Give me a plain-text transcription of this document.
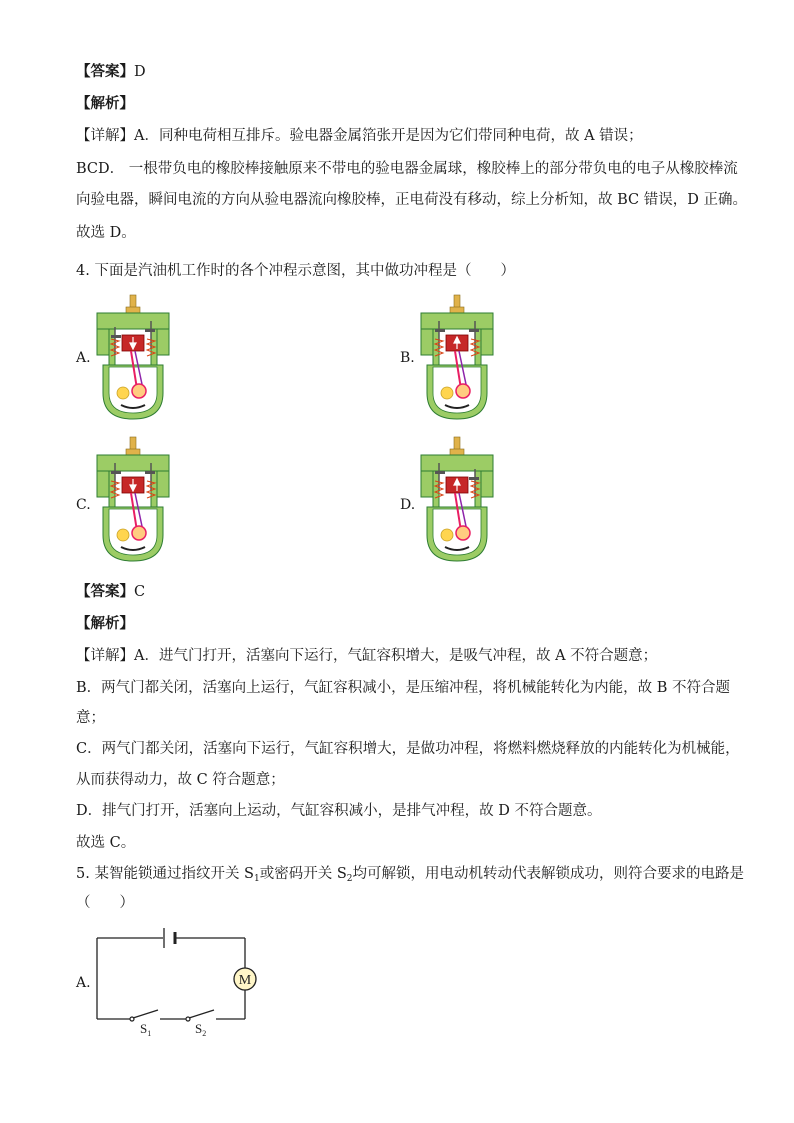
【答案】D
【解析】
【详解】A．同种电荷相互排斥。验电器金属箔张开是因为它们带同种电荷，故 A 错误；
BCD． 一根带负电的橡胶棒接触原来不带电的验电器金属球，橡胶棒上的部分带负电的电子从橡胶棒流
向验电器，瞬间电流的方向从验电器流向橡胶棒，正电荷没有移动，综上分析知，故 BC 错误，D 正确。
故选 D。
4. 下面是汽油机工作时的各个冲程示意图，其中做功冲程是（　　）
A.	B.
C.	D.
【答案】C
【解析】
【详解】A．进气门打开，活塞向下运行，气缸容积增大，是吸气冲程，故 A 不符合题意；
B．两气门都关闭，活塞向上运行，气缸容积减小，是压缩冲程，将机械能转化为内能，故 B 不符合题
意；
C．两气门都关闭，活塞向下运行，气缸容积增大，是做功冲程，将燃料燃烧释放的内能转化为机械能，
从而获得动力，故 C 符合题意；
D．排气门打开，活塞向上运动，气缸容积减小，是排气冲程，故 D 不符合题意。
故选 C。
5. 某智能锁通过指纹开关 $S_1$或密码开关 $S_2$均可解锁，用电动机转动代表解锁成功，则符合要求的电路是
（　　）
A.	M
$S_1$	$S_2$
